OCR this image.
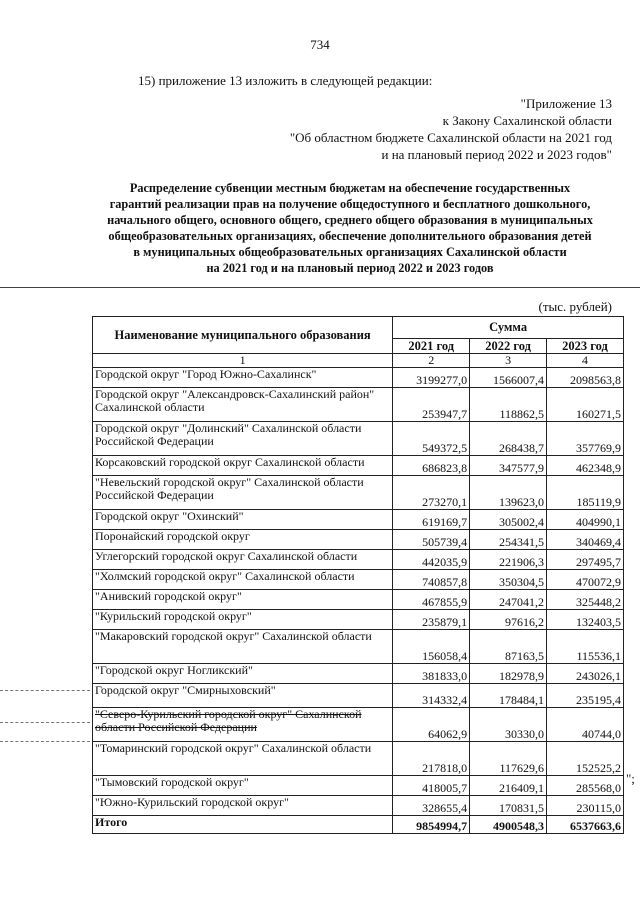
734
15) приложение 13 изложить в следующей редакции:
"Приложение 13
к Закону Сахалинской области
"Об областном бюджете Сахалинской области на 2021 год
и на плановый период 2022 и 2023 годов"
Распределение субвенции местным бюджетам на обеспечение государственных
гарантий реализации прав на получение общедоступного и бесплатного дошкольного,
начального общего, основного общего, среднего общего образования в муниципальных
общеобразовательных организациях, обеспечение дополнительного образования детей
в муниципальных общеобразовательных организациях Сахалинской области
на 2021 год и на плановый период 2022 и 2023 годов
(тыс. рублей)
Наименование муниципального образования	Сумма		
	2021 год	2022 год	2023 год
1	2	3	4
Городской округ "Город Южно-Сахалинск"	3199277,0	1566007,4	2098563,8
Городской округ "Александровск-Сахалинский район" Сахалинской области	253947,7	118862,5	160271,5
Городской округ "Долинский" Сахалинской области Российской Федерации	549372,5	268438,7	357769,9
Корсаковский городской округ Сахалинской области	686823,8	347577,9	462348,9
"Невельский городской округ" Сахалинской области Российской Федерации	273270,1	139623,0	185119,9
Городской округ "Охинский"	619169,7	305002,4	404990,1
Поронайский городской округ	505739,4	254341,5	340469,4
Углегорский городской округ Сахалинской области	442035,9	221906,3	297495,7
"Холмский городской округ" Сахалинской области	740857,8	350304,5	470072,9
"Анивский городской округ"	467855,9	247041,2	325448,2
"Курильский городской округ"	235879,1	97616,2	132403,5
"Макаровский городской округ" Сахалинской области	156058,4	87163,5	115536,1
"Городской округ Ногликский"	381833,0	182978,9	243026,1
Городской округ "Смирныховский"	314332,4	178484,1	235195,4
"Северо-Курильский городской округ" Сахалинской области Российской Федерации	64062,9	30330,0	40744,0
"Томаринский городской округ" Сахалинской области	217818,0	117629,6	152525,2
"Тымовский городской округ"	418005,7	216409,1	285568,0
"Южно-Курильский городской округ"	328655,4	170831,5	230115,0
Итого	9854994,7	4900548,3	6537663,6
";
